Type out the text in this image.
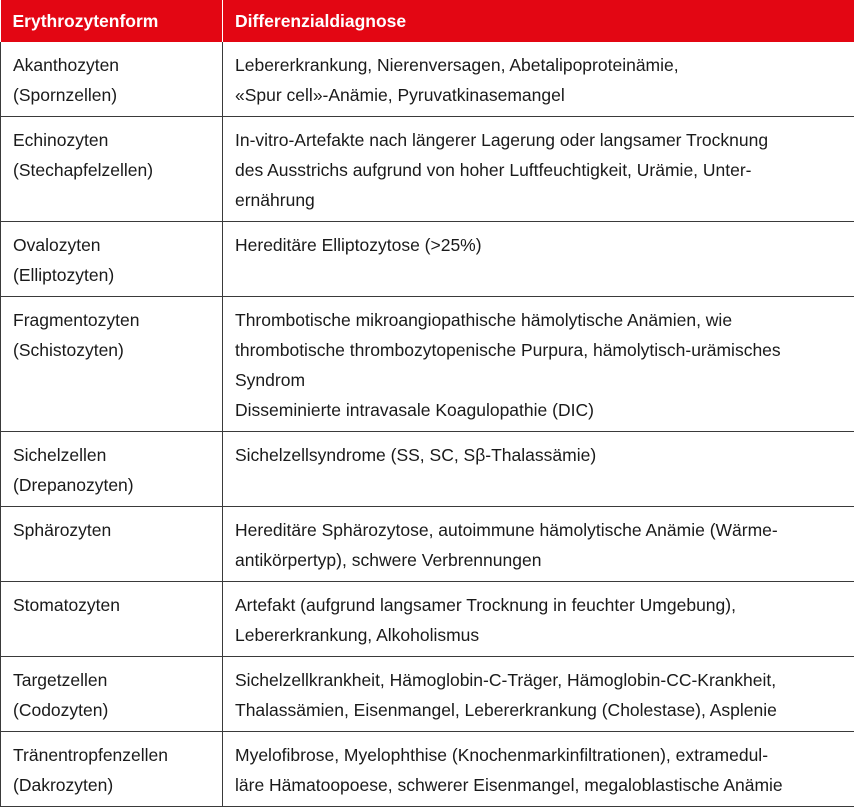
Erythrozytenform	Differenzialdiagnose

Akanthozyten
(Spornzellen)	Lebererkrankung, Nierenversagen, Abetalipoproteinämie,
«Spur cell»-Anämie, Pyruvatkinasemangel

Echinozyten
(Stechapfelzellen)	In-vitro-Artefakte nach längerer Lagerung oder langsamer Trocknung
des Ausstrichs aufgrund von hoher Luftfeuchtigkeit, Urämie, Unter-
ernährung

Ovalozyten
(Elliptozyten)	Hereditäre Elliptozytose (>25%)

Fragmentozyten
(Schistozyten)	Thrombotische mikroangiopathische hämolytische Anämien, wie
thrombotische thrombozytopenische Purpura, hämolytisch-urämisches
Syndrom
Disseminierte intravasale Koagulopathie (DIC)

Sichelzellen
(Drepanozyten)	Sichelzellsyndrome (SS, SC, Sβ-Thalassämie)

Sphärozyten	Hereditäre Sphärozytose, autoimmune hämolytische Anämie (Wärme-
antikörpertyp), schwere Verbrennungen

Stomatozyten	Artefakt (aufgrund langsamer Trocknung in feuchter Umgebung),
Lebererkrankung, Alkoholismus

Targetzellen
(Codozyten)	Sichelzellkrankheit, Hämoglobin-C-Träger, Hämoglobin-CC-Krankheit,
Thalassämien, Eisenmangel, Lebererkrankung (Cholestase), Asplenie

Tränentropfenzellen
(Dakrozyten)	Myelofibrose, Myelophthise (Knochenmarkinfiltrationen), extramedul-
läre Hämatoopoese, schwerer Eisenmangel, megaloblastische Anämie
